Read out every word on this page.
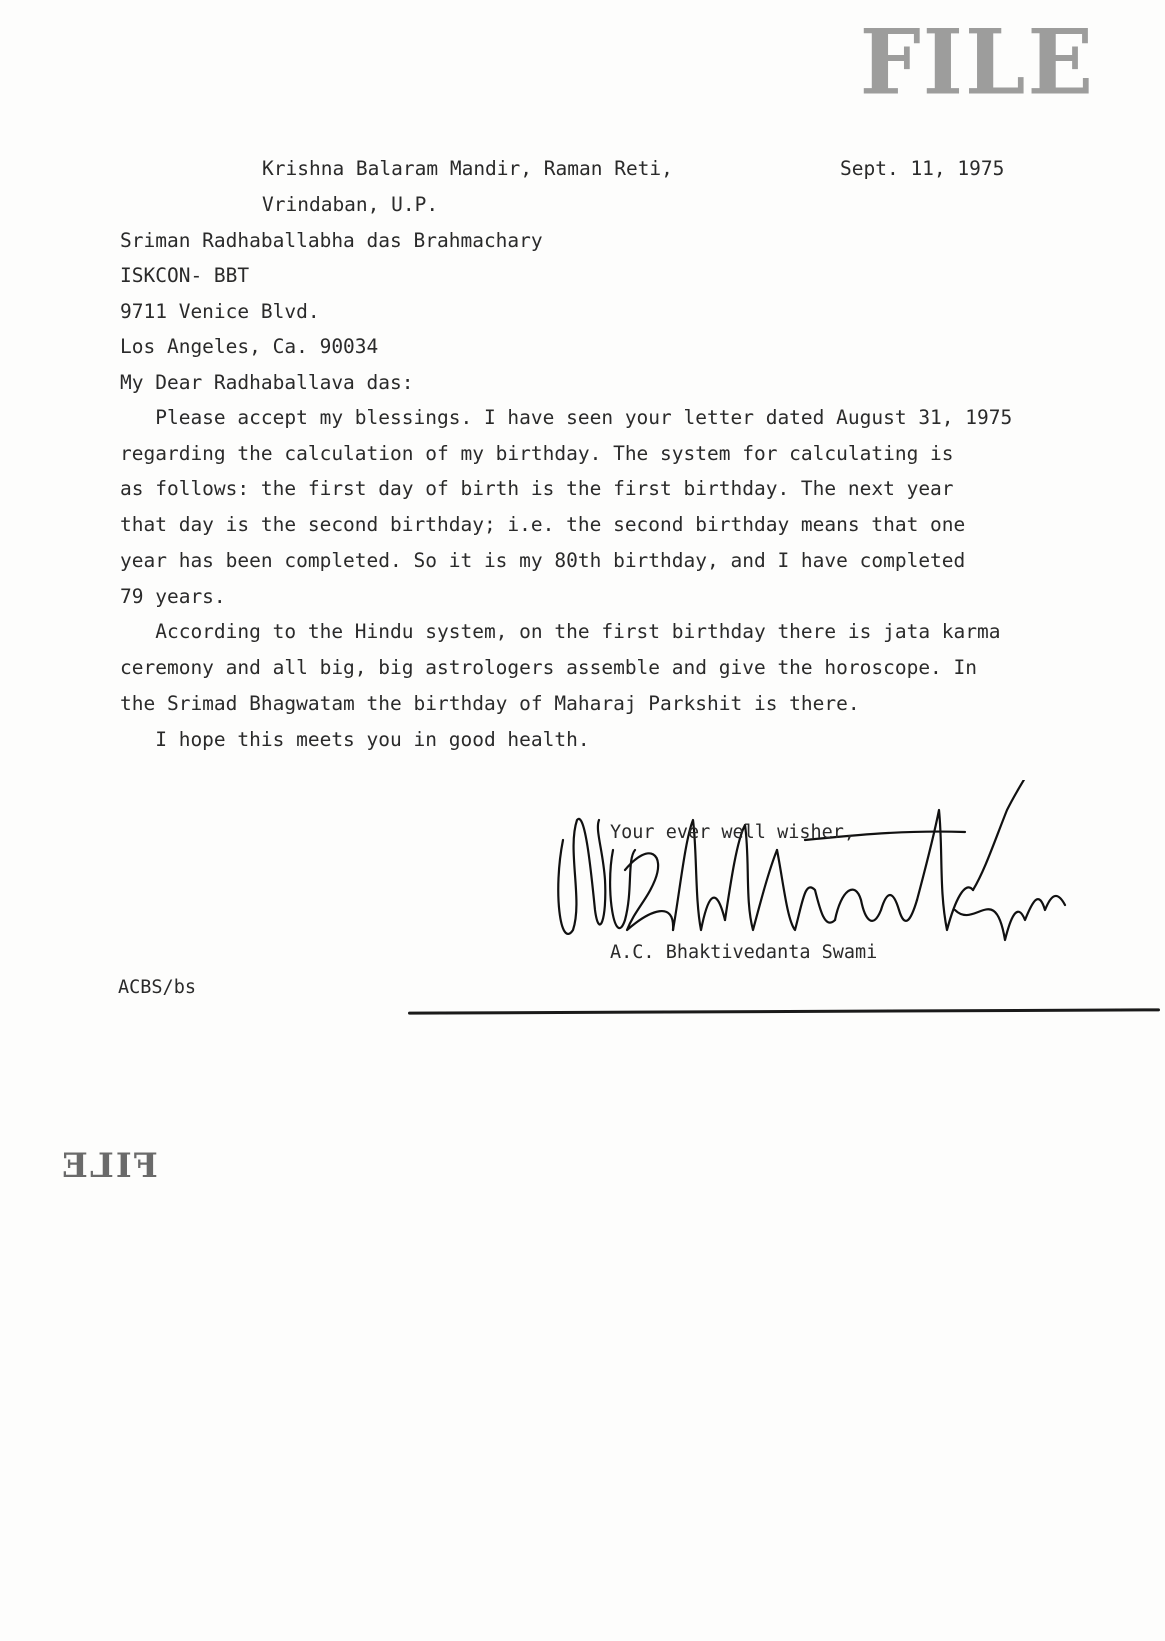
FILE
Krishna Balaram Mandir, Raman Reti,	Sept. 11, 1975
Vrindaban, U.P.
Sriman Radhaballabha das Brahmachary
ISKCON- BBT
9711 Venice Blvd.
Los Angeles, Ca. 90034
My Dear Radhaballava das:
Please accept my blessings. I have seen your letter dated August 31, 1975
regarding the calculation of my birthday. The system for calculating is
as follows: the first day of birth is the first birthday. The next year
that day is the second birthday; i.e. the second birthday means that one
year has been completed. So it is my 80th birthday, and I have completed
79 years.
According to the Hindu system, on the first birthday there is jata karma
ceremony and all big, big astrologers assemble and give the horoscope. In
the Srimad Bhagwatam the birthday of Maharaj Parkshit is there.
I hope this meets you in good health.
Your ever well wisher,
A.C. Bhaktivedanta Swami
ACBS/bs
FILE
